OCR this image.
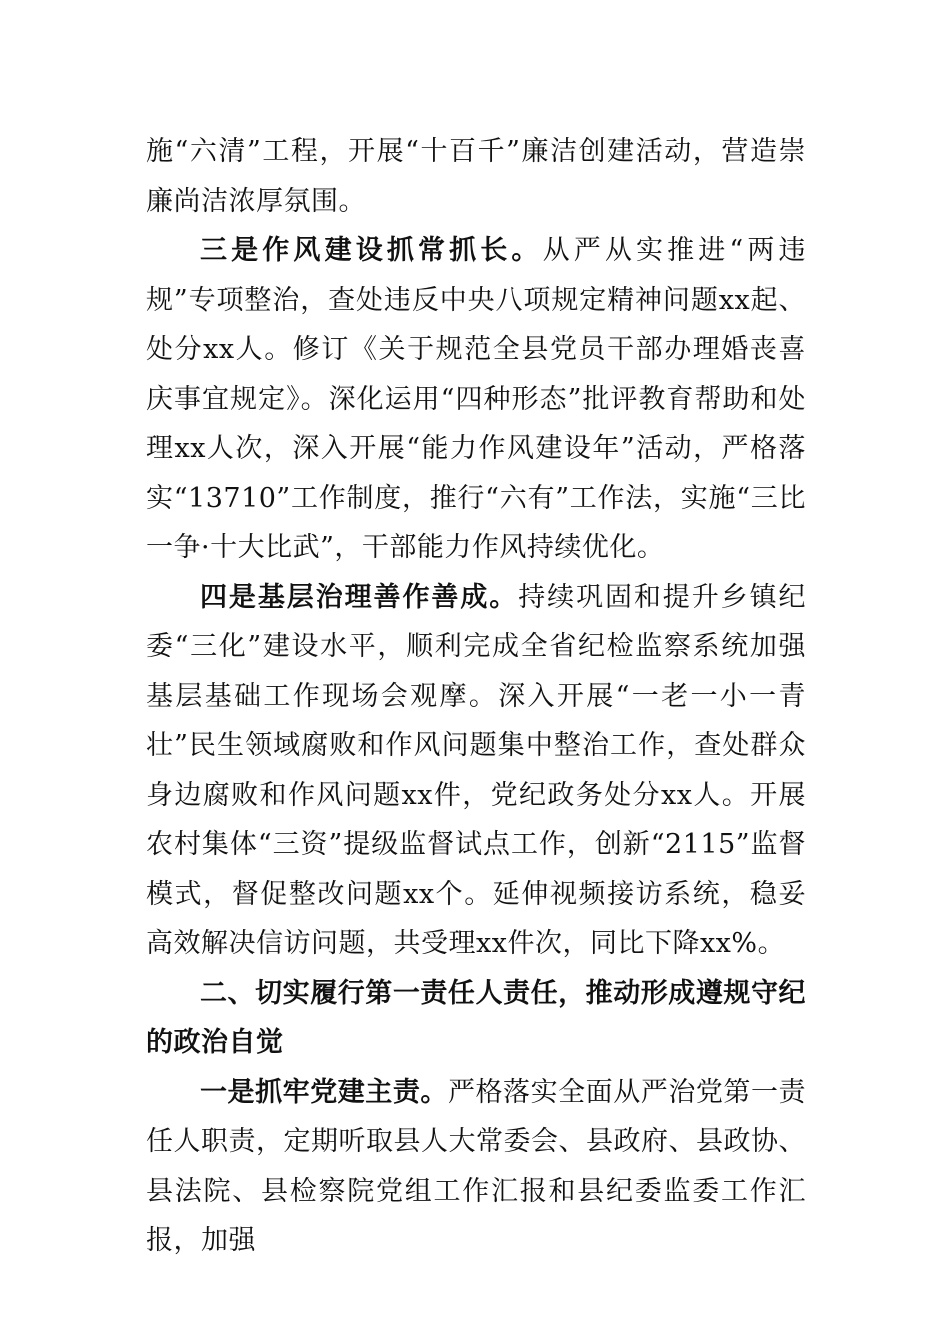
施“六清”工程，开展“十百千”廉洁创建活动，营造崇廉尚洁浓厚氛围。

三是作风建设抓常抓长。从严从实推进“两违规”专项整治，查处违反中央八项规定精神问题xx起、处分xx人。修订《关于规范全县党员干部办理婚丧喜庆事宜规定》。深化运用“四种形态”批评教育帮助和处理xx人次，深入开展“能力作风建设年”活动，严格落实“13710”工作制度，推行“六有”工作法，实施“三比一争·十大比武”，干部能力作风持续优化。

四是基层治理善作善成。持续巩固和提升乡镇纪委“三化”建设水平，顺利完成全省纪检监察系统加强基层基础工作现场会观摩。深入开展“一老一小一青壮”民生领域腐败和作风问题集中整治工作，查处群众身边腐败和作风问题xx件，党纪政务处分xx人。开展农村集体“三资”提级监督试点工作，创新“2115”监督模式，督促整改问题xx个。延伸视频接访系统，稳妥高效解决信访问题，共受理xx件次，同比下降xx%。

二、切实履行第一责任人责任，推动形成遵规守纪的政治自觉

一是抓牢党建主责。严格落实全面从严治党第一责任人职责，定期听取县人大常委会、县政府、县政协、县法院、县检察院党组工作汇报和县纪委监委工作汇报，加强
